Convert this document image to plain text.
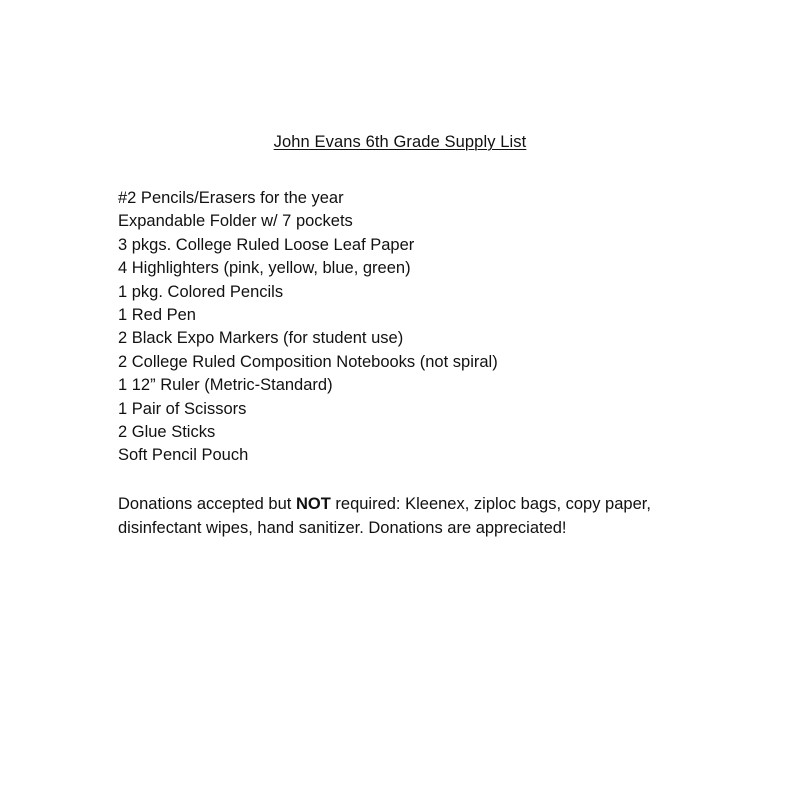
John Evans 6th Grade Supply List
#2 Pencils/Erasers for the year
Expandable Folder w/ 7 pockets
3 pkgs. College Ruled Loose Leaf Paper
4 Highlighters (pink, yellow, blue, green)
1 pkg. Colored Pencils
1 Red Pen
2 Black Expo Markers (for student use)
2 College Ruled Composition Notebooks (not spiral)
1 12” Ruler (Metric-Standard)
1 Pair of Scissors
2 Glue Sticks
Soft Pencil Pouch

Donations accepted but NOT required: Kleenex, ziploc bags, copy paper,

disinfectant wipes, hand sanitizer. Donations are appreciated!
